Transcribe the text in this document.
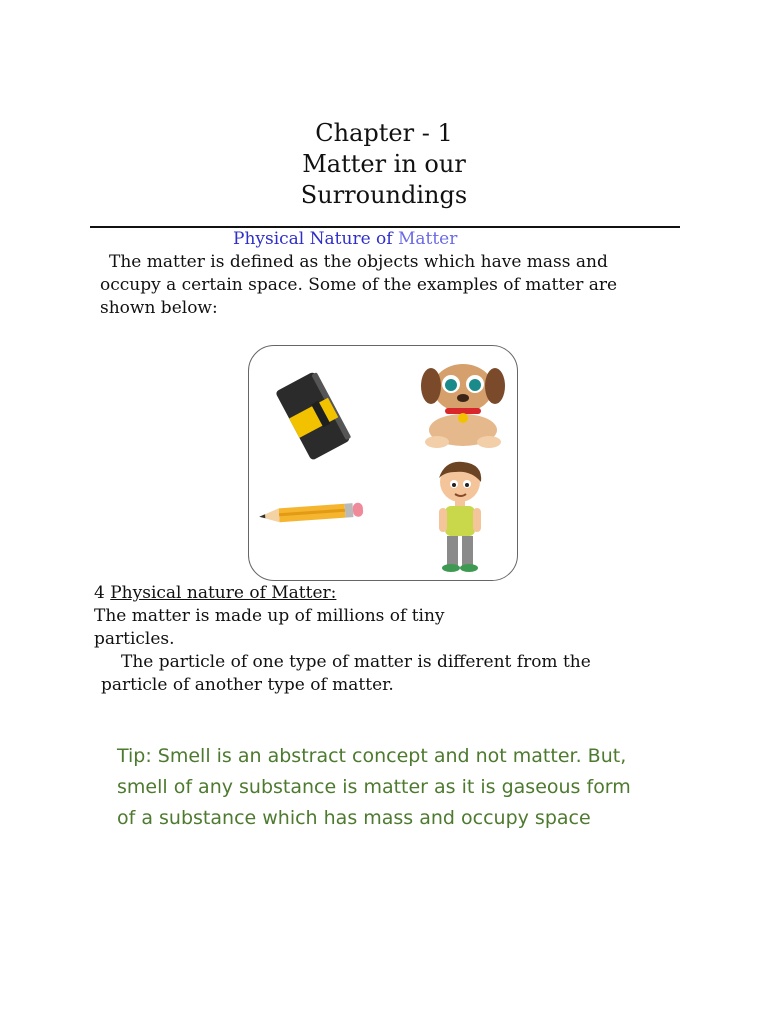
Chapter - 1
Matter in our
Surroundings
Physical Nature of Matter
The matter is defined as the objects which have mass and
occupy a certain space. Some of the examples of matter are
shown below:
4 Physical nature of Matter:
The matter is made up of millions of tiny
particles.
The particle of one type of matter is different from the
particle of another type of matter.
Tip: Smell is an abstract concept and not matter. But,
smell of any substance is matter as it is gaseous form
of a substance which has mass and occupy space
